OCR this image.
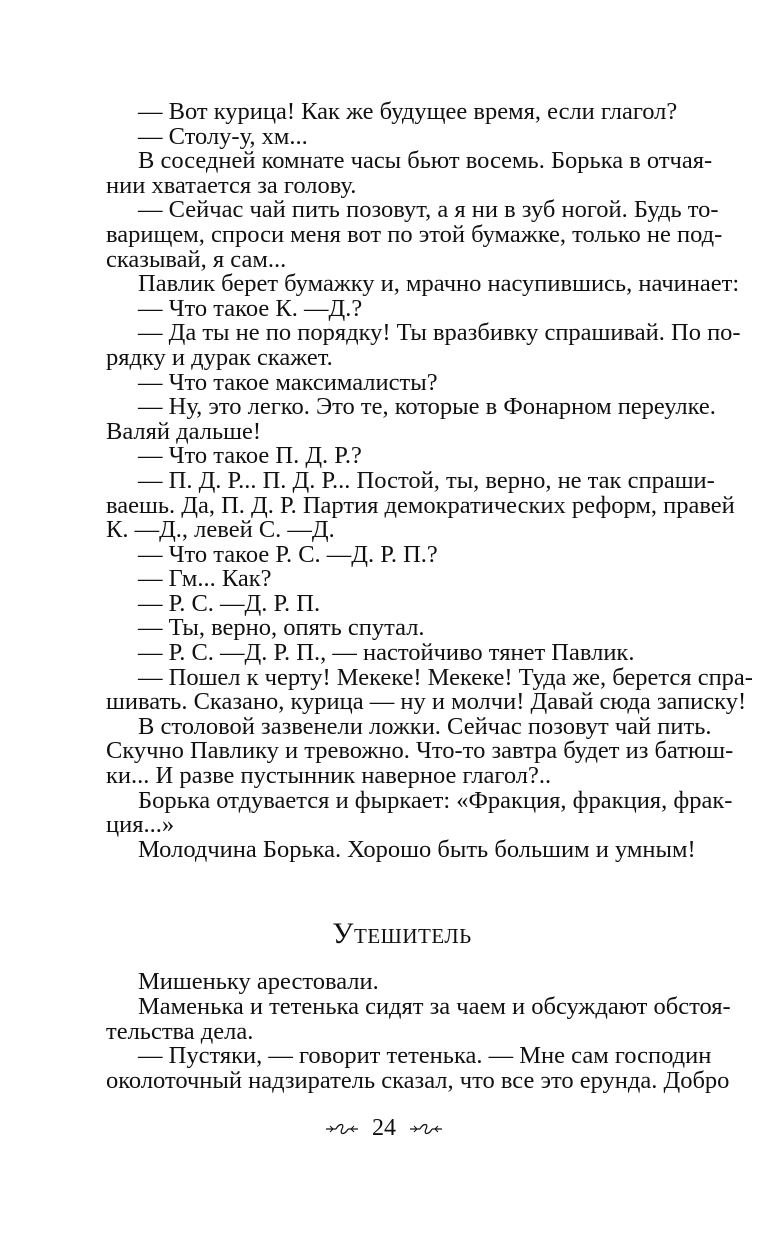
— Вот курица! Как же будущее время, если глагол?
— Столу-у, хм...
В соседней комнате часы бьют восемь. Борька в отчая-
нии хватается за голову.
— Сейчас чай пить позовут, а я ни в зуб ногой. Будь то-
варищем, спроси меня вот по этой бумажке, только не под-
сказывай, я сам...
Павлик берет бумажку и, мрачно насупившись, начинает:
— Что такое К. —Д.?
— Да ты не по порядку! Ты вразбивку спрашивай. По по-
рядку и дурак скажет.
— Что такое максималисты?
— Ну, это легко. Это те, которые в Фонарном переулке.
Валяй дальше!
— Что такое П. Д. Р.?
— П. Д. Р... П. Д. Р... Постой, ты, верно, не так спраши-
ваешь. Да, П. Д. Р. Партия демократических реформ, правей
К. —Д., левей С. —Д.
— Что такое Р. С. —Д. Р. П.?
— Гм... Как?
— Р. С. —Д. Р. П.
— Ты, верно, опять спутал.
— Р. С. —Д. Р. П., — настойчиво тянет Павлик.
— Пошел к черту! Мекеке! Мекеке! Туда же, берется спра-
шивать. Сказано, курица — ну и молчи! Давай сюда записку!
В столовой зазвенели ложки. Сейчас позовут чай пить.
Скучно Павлику и тревожно. Что-то завтра будет из батюш-
ки... И разве пустынник наверное глагол?..
Борька отдувается и фыркает: «Фракция, фракция, фрак-
ция...»
Молодчина Борька. Хорошо быть большим и умным!
Утешитель
Мишеньку арестовали.
Маменька и тетенька сидят за чаем и обсуждают обстоя-
тельства дела.
— Пустяки, — говорит тетенька. — Мне сам господин
околоточный надзиратель сказал, что все это ерунда. Добро
24
